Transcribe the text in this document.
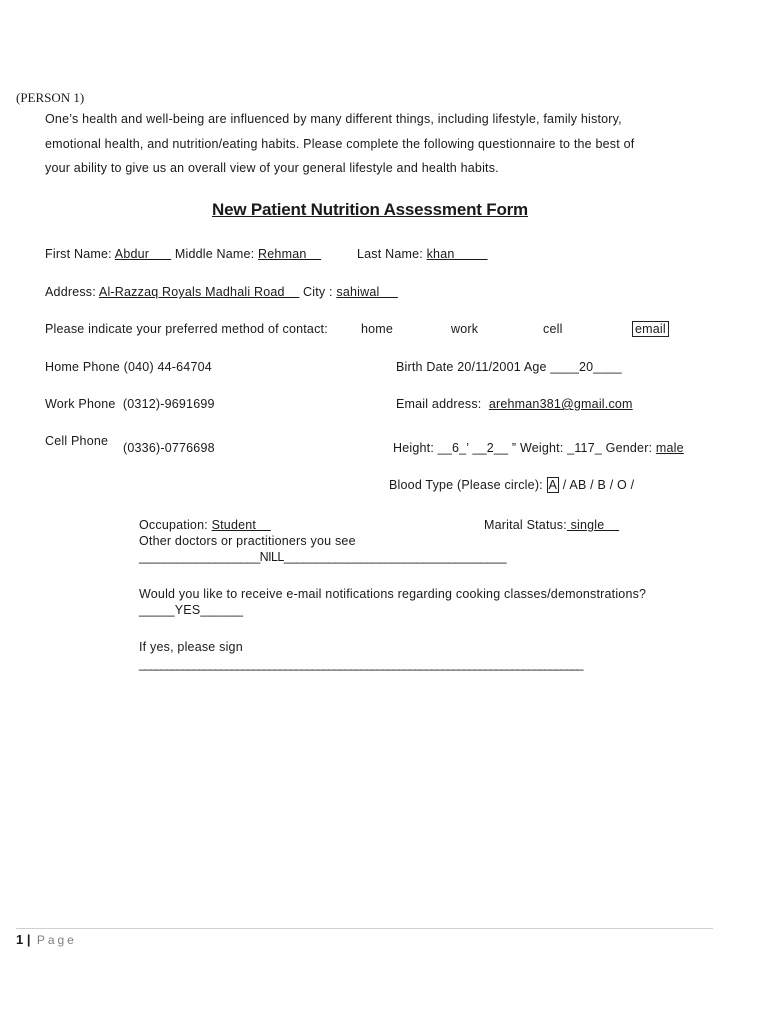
(PERSON 1)
One’s health and well-being are influenced by many different things, including lifestyle, family history,
emotional health, and nutrition/eating habits. Please complete the following questionnaire to the best of
your ability to give us an overall view of your general lifestyle and health habits.
New Patient Nutrition Assessment Form
First Name: Abdur       Middle Name: Rehman	Last Name: khan
Address: Al-Razzaq Royals Madhali Road     City : sahiwal
Please indicate your preferred method of contact:	home	work	cell	email
Home Phone (040) 44-64704	Birth Date 20/11/2001 Age ____20____
Work Phone  (0312)-9691699	Email address:  arehman381@gmail.com
Cell Phone (0336)-0776698	Height: __6_’ __2__ ” Weight: _117_ Gender: male
Blood Type (Please circle): A / AB / B / O /
Occupation: Student	Marital Status: single
Other doctors or practitioners you see
___________________NILL___________________________________
Would you like to receive e-mail notifications regarding cooking classes/demonstrations?
_____YES______
If yes, please sign
__________________________________________________________________________________
1 | Page
